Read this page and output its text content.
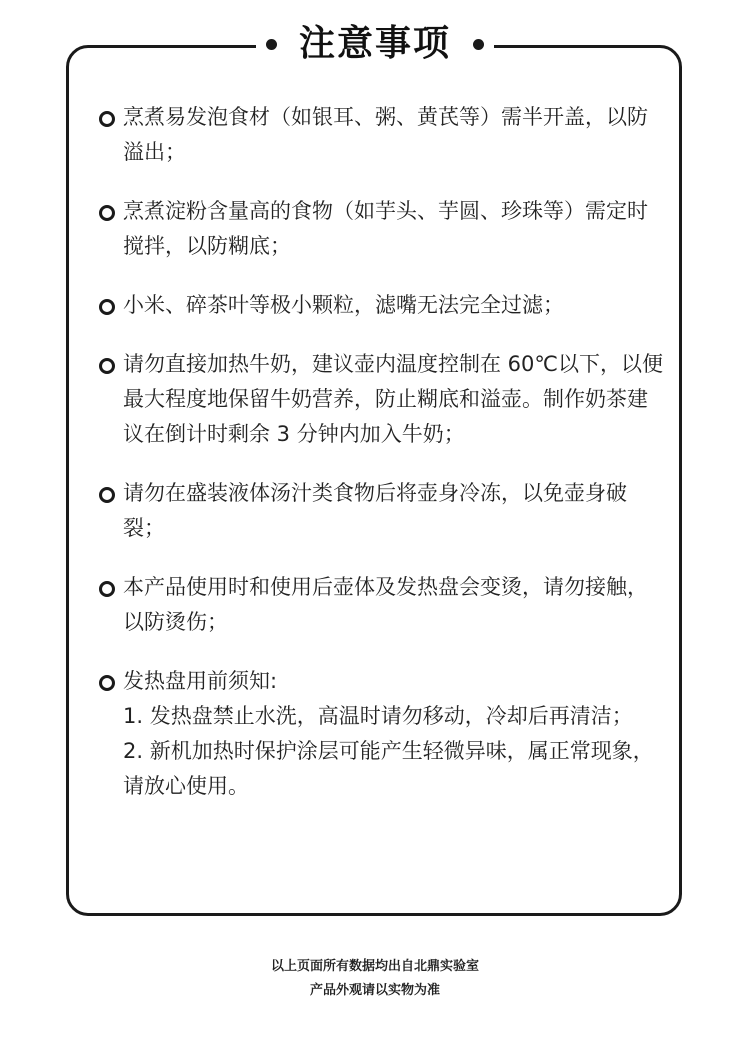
注意事项
烹煮易发泡食材（如银耳、粥、黄芪等）需半开盖，以防溢出；
烹煮淀粉含量高的食物（如芋头、芋圆、珍珠等）需定时搅拌，以防糊底；
小米、碎茶叶等极小颗粒，滤嘴无法完全过滤；
请勿直接加热牛奶，建议壶内温度控制在 60℃以下，以便最大程度地保留牛奶营养，防止糊底和溢壶。制作奶茶建议在倒计时剩余 3 分钟内加入牛奶；
请勿在盛装液体汤汁类食物后将壶身冷冻，以免壶身破裂；
本产品使用时和使用后壶体及发热盘会变烫，请勿接触，以防烫伤；
发热盘用前须知:
1. 发热盘禁止水洗，高温时请勿移动，冷却后再清洁；
2. 新机加热时保护涂层可能产生轻微异味，属正常现象，请放心使用。
以上页面所有数据均出自北鼎实验室
产品外观请以实物为准
